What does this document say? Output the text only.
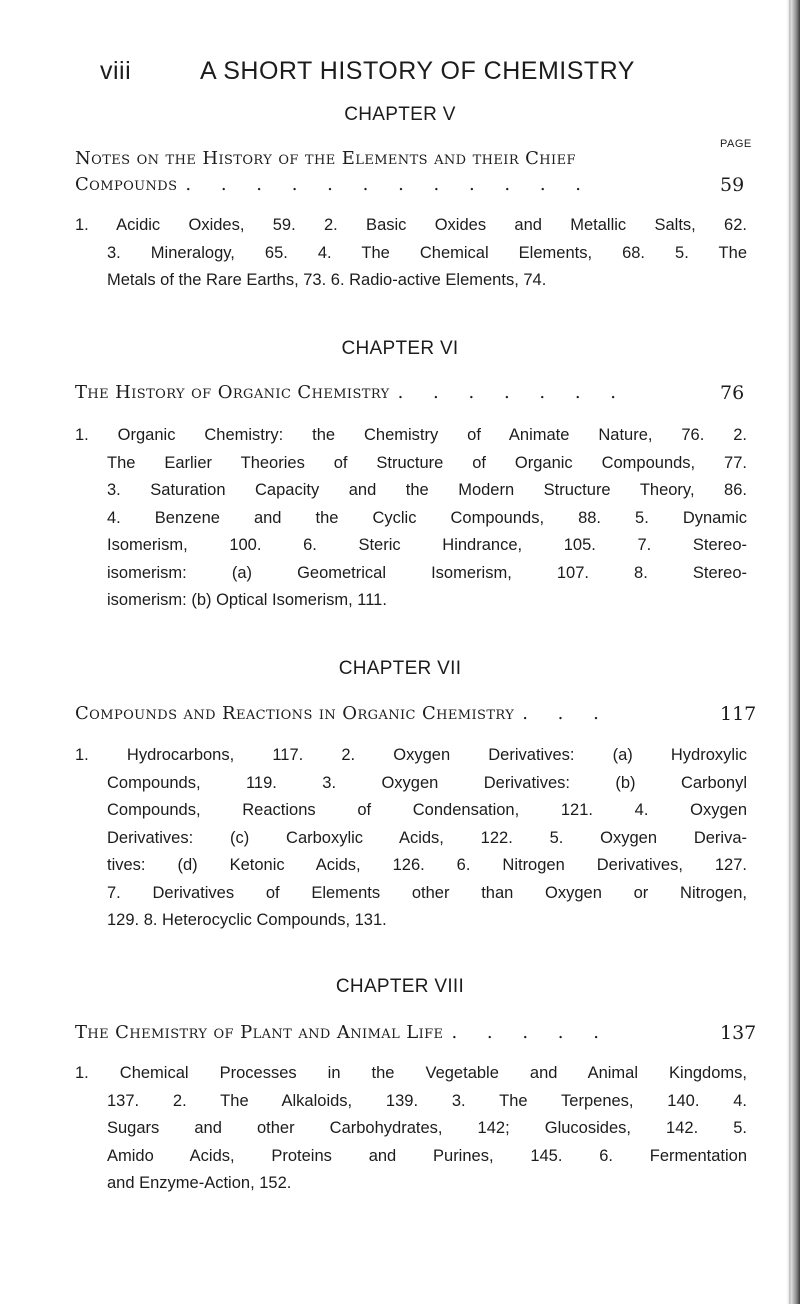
viii	A SHORT HISTORY OF CHEMISTRY
CHAPTER V
PAGE
Notes on the History of the Elements and their Chief
Compounds . . . . . . . . . . . .	59

1. Acidic Oxides, 59. 2. Basic Oxides and Metallic Salts, 62.
3. Mineralogy, 65. 4. The Chemical Elements, 68. 5. The
Metals of the Rare Earths, 73. 6. Radio-active Elements, 74.

CHAPTER VI
The History of Organic Chemistry . . . . . . .	76

1. Organic Chemistry: the Chemistry of Animate Nature, 76. 2.
The Earlier Theories of Structure of Organic Compounds, 77.
3. Saturation Capacity and the Modern Structure Theory, 86.
4. Benzene and the Cyclic Compounds, 88. 5. Dynamic
Isomerism, 100. 6. Steric Hindrance, 105. 7. Stereo-
isomerism: (a) Geometrical Isomerism, 107. 8. Stereo-
isomerism: (b) Optical Isomerism, 111.

CHAPTER VII
Compounds and Reactions in Organic Chemistry . . .	117

1. Hydrocarbons, 117. 2. Oxygen Derivatives: (a) Hydroxylic
Compounds, 119. 3. Oxygen Derivatives: (b) Carbonyl
Compounds, Reactions of Condensation, 121. 4. Oxygen
Derivatives: (c) Carboxylic Acids, 122. 5. Oxygen Deriva-
tives: (d) Ketonic Acids, 126. 6. Nitrogen Derivatives, 127.
7. Derivatives of Elements other than Oxygen or Nitrogen,
129. 8. Heterocyclic Compounds, 131.

CHAPTER VIII
The Chemistry of Plant and Animal Life . . . . .	137

1. Chemical Processes in the Vegetable and Animal Kingdoms,
137. 2. The Alkaloids, 139. 3. The Terpenes, 140. 4.
Sugars and other Carbohydrates, 142; Glucosides, 142. 5.
Amido Acids, Proteins and Purines, 145. 6. Fermentation
and Enzyme-Action, 152.
